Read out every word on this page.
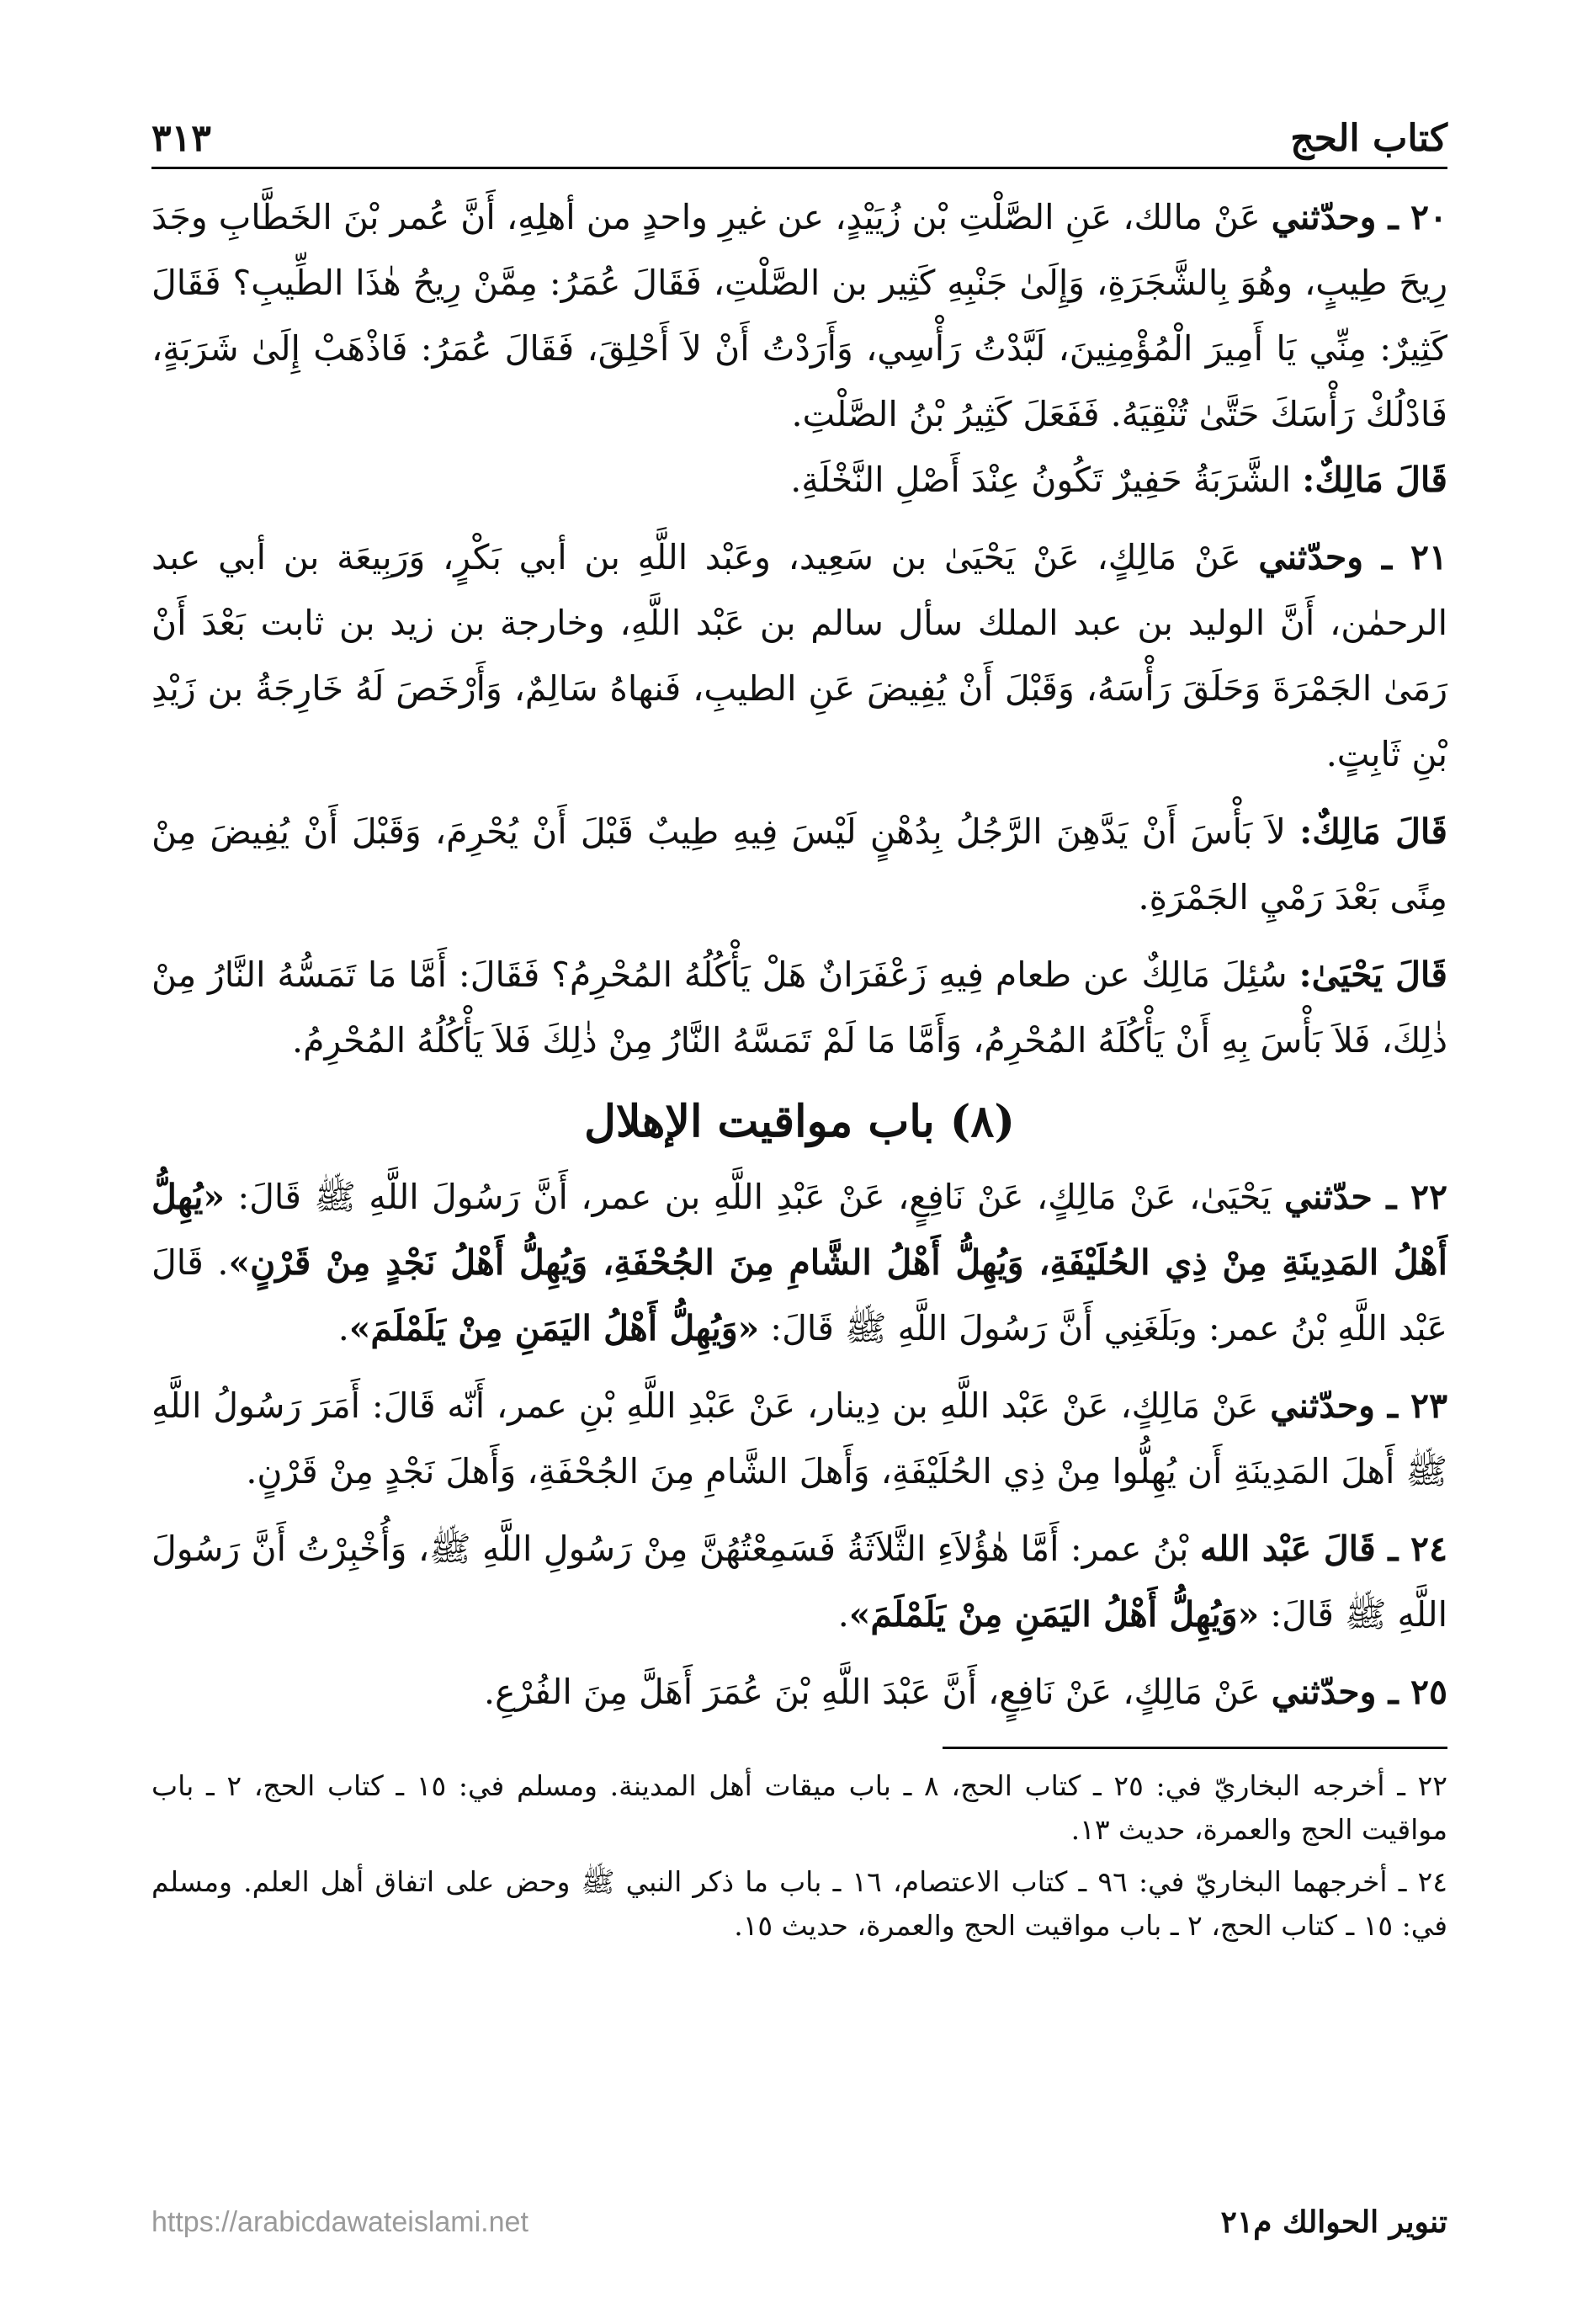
كتاب الحج
٣١٣

٢٠ ـ وحدّثني عَنْ مالك، عَنِ الصَّلْتِ بْن زُيَيْدٍ، عن غيرِ واحدٍ من أهلِهِ، أَنَّ عُمر بْنَ الخَطَّابِ وجَدَ رِيحَ طِيبٍ، وهُوَ بِالشَّجَرَةِ، وَإِلَىٰ جَنْبِهِ كَثِير بن الصَّلْتِ، فَقَالَ عُمَرُ: مِمَّنْ رِيحُ هٰذَا الطِّيبِ؟ فَقَالَ كَثِيرٌ: مِنِّي يَا أَمِيرَ الْمُؤْمِنِينَ، لَبَّدْتُ رَأْسِي، وَأَرَدْتُ أَنْ لاَ أَحْلِقَ، فَقَالَ عُمَرُ: فَاذْهَبْ إِلَىٰ شَرَبَةٍ، فَادْلُكْ رَأْسَكَ حَتَّىٰ تُنْقِيَهُ. فَفَعَلَ كَثِيرُ بْنُ الصَّلْتِ.

قَالَ مَالِكٌ: الشَّرَبَةُ حَفِيرٌ تَكُونُ عِنْدَ أَصْلِ النَّخْلَةِ.

٢١ ـ وحدّثني عَنْ مَالِكٍ، عَنْ يَحْيَىٰ بن سَعِيد، وعَبْد اللَّهِ بن أبي بَكْرٍ، وَرَبِيعَة بن أبي عبد الرحمٰن، أَنَّ الوليد بن عبد الملك سأل سالم بن عَبْد اللَّهِ، وخارجة بن زيد بن ثابت بَعْدَ أَنْ رَمَىٰ الجَمْرَةَ وَحَلَقَ رَأْسَهُ، وَقَبْلَ أَنْ يُفِيضَ عَنِ الطيبِ، فَنهاهُ سَالِمٌ، وَأَرْخَصَ لَهُ خَارِجَةُ بن زَيْدِ بْنِ ثَابِتٍ.

قَالَ مَالِكٌ: لاَ بَأْسَ أَنْ يَدَّهِنَ الرَّجُلُ بِدُهْنٍ لَيْسَ فِيهِ طِيبٌ قَبْلَ أَنْ يُحْرِمَ، وَقَبْلَ أَنْ يُفِيضَ مِنْ مِنًى بَعْدَ رَمْيِ الجَمْرَةِ.

قَالَ يَحْيَىٰ: سُئِلَ مَالِكٌ عن طعام فِيهِ زَعْفَرَانٌ هَلْ يَأْكُلُهُ المُحْرِمُ؟ فَقَالَ: أَمَّا مَا تَمَسُّهُ النَّارُ مِنْ ذٰلِكَ، فَلاَ بَأْسَ بِهِ أَنْ يَأْكُلَهُ المُحْرِمُ، وَأَمَّا مَا لَمْ تَمَسَّهُ النَّارُ مِنْ ذٰلِكَ فَلاَ يَأْكُلُهُ المُحْرِمُ.

(٨) باب مواقيت الإهلال

٢٢ ـ حدّثني يَحْيَىٰ، عَنْ مَالِكٍ، عَنْ نَافِعٍ، عَنْ عَبْدِ اللَّهِ بن عمر، أَنَّ رَسُولَ اللَّهِ ﷺ قَالَ: «يُهِلُّ أَهْلُ المَدِينَةِ مِنْ ذِي الحُلَيْفَةِ، وَيُهِلُّ أَهْلُ الشَّامِ مِنَ الجُحْفَةِ، وَيُهِلُّ أَهْلُ نَجْدٍ مِنْ قَرْنٍ». قَالَ عَبْد اللَّهِ بْنُ عمر: وبَلَغَنِي أَنَّ رَسُولَ اللَّهِ ﷺ قَالَ: «وَيُهِلُّ أَهْلُ اليَمَنِ مِنْ يَلَمْلَمَ».

٢٣ ـ وحدّثني عَنْ مَالِكٍ، عَنْ عَبْد اللَّهِ بن دِينار، عَنْ عَبْدِ اللَّهِ بْنِ عمر، أَنّه قَالَ: أَمَرَ رَسُولُ اللَّهِ ﷺ أَهلَ المَدِينَةِ أَن يُهِلُّوا مِنْ ذِي الحُلَيْفَةِ، وَأَهلَ الشَّامِ مِنَ الجُحْفَةِ، وَأَهلَ نَجْدٍ مِنْ قَرْنٍ.

٢٤ ـ قَالَ عَبْد الله بْنُ عمر: أَمَّا هٰؤُلاَءِ الثَّلاَثَةُ فَسَمِعْتُهُنَّ مِنْ رَسُولِ اللَّهِ ﷺ، وَأُخْبِرْتُ أَنَّ رَسُولَ اللَّهِ ﷺ قَالَ: «وَيُهِلُّ أَهْلُ اليَمَنِ مِنْ يَلَمْلَمَ».

٢٥ ـ وحدّثني عَنْ مَالِكٍ، عَنْ نَافِعٍ، أَنَّ عَبْدَ اللَّهِ بْنَ عُمَرَ أَهَلَّ مِنَ الفُرْعِ.

٢٢ ـ أخرجه البخاريّ في: ٢٥ ـ كتاب الحج، ٨ ـ باب ميقات أهل المدينة. ومسلم في: ١٥ ـ كتاب الحج، ٢ ـ باب مواقيت الحج والعمرة، حديث ١٣.

٢٤ ـ أخرجهما البخاريّ في: ٩٦ ـ كتاب الاعتصام، ١٦ ـ باب ما ذكر النبي ﷺ وحض على اتفاق أهل العلم. ومسلم في: ١٥ ـ كتاب الحج، ٢ ـ باب مواقيت الحج والعمرة، حديث ١٥.

تنوير الحوالك م٢١
https://arabicdawateislami.net
